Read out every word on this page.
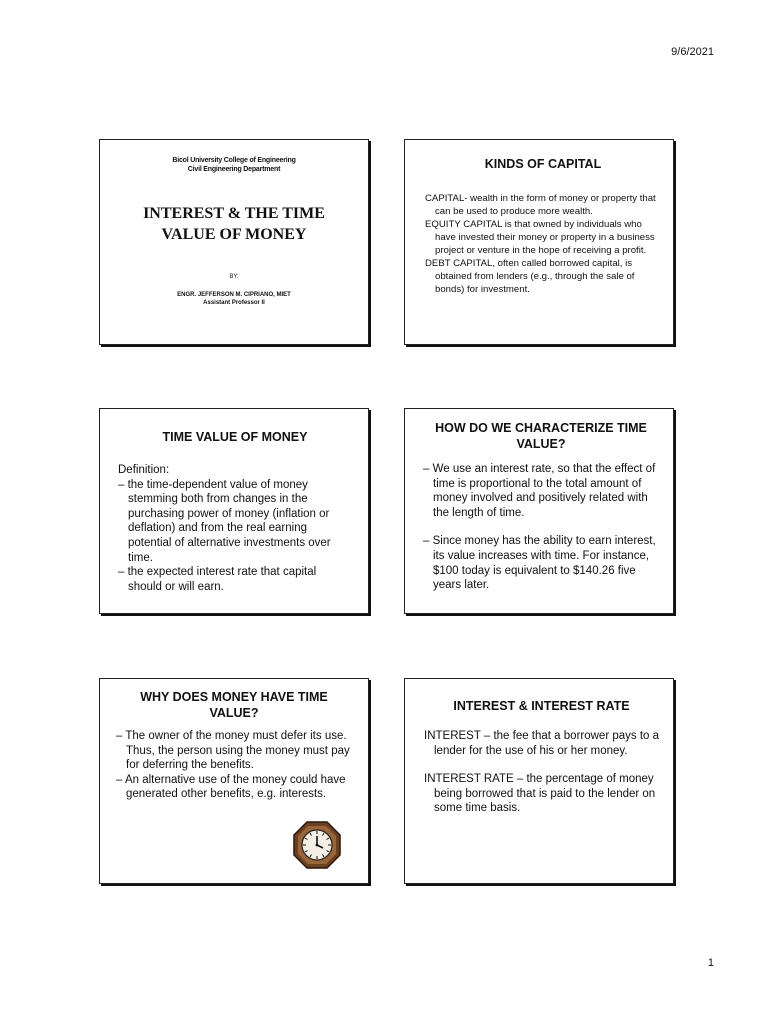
9/6/2021
Bicol University College of Engineering
Civil Engineering Department
INTEREST & THE TIME
VALUE OF MONEY
BY:
ENGR. JEFFERSON M. CIPRIANO, MIET
Assistant Professor II
KINDS OF CAPITAL
CAPITAL- wealth in the form of money or property that can be used to produce more wealth.
EQUITY CAPITAL is that owned by individuals who have invested their money or property in a business project or venture in the hope of receiving a profit.
DEBT CAPITAL, often called borrowed capital, is obtained from lenders (e.g., through the sale of bonds) for investment.
TIME VALUE OF MONEY
Definition:
– the time-dependent value of money stemming both from changes in the purchasing power of money (inflation or deflation) and from the real earning potential of alternative investments over time.
– the expected interest rate that capital should or will earn.
HOW DO WE CHARACTERIZE TIME VALUE?
– We use an interest rate, so that the effect of time is proportional to the total amount of money involved and positively related with the length of time.
– Since money has the ability to earn interest, its value increases with time. For instance, $100 today is equivalent to $140.26 five years later.
WHY DOES MONEY HAVE TIME VALUE?
– The owner of the money must defer its use. Thus, the person using the money must pay for deferring the benefits.
– An alternative use of the money could have generated other benefits, e.g. interests.
INTEREST & INTEREST RATE
INTEREST – the fee that a borrower pays to a lender for the use of his or her money.
INTEREST RATE – the percentage of money being borrowed that is paid to the lender on some time basis.
1
